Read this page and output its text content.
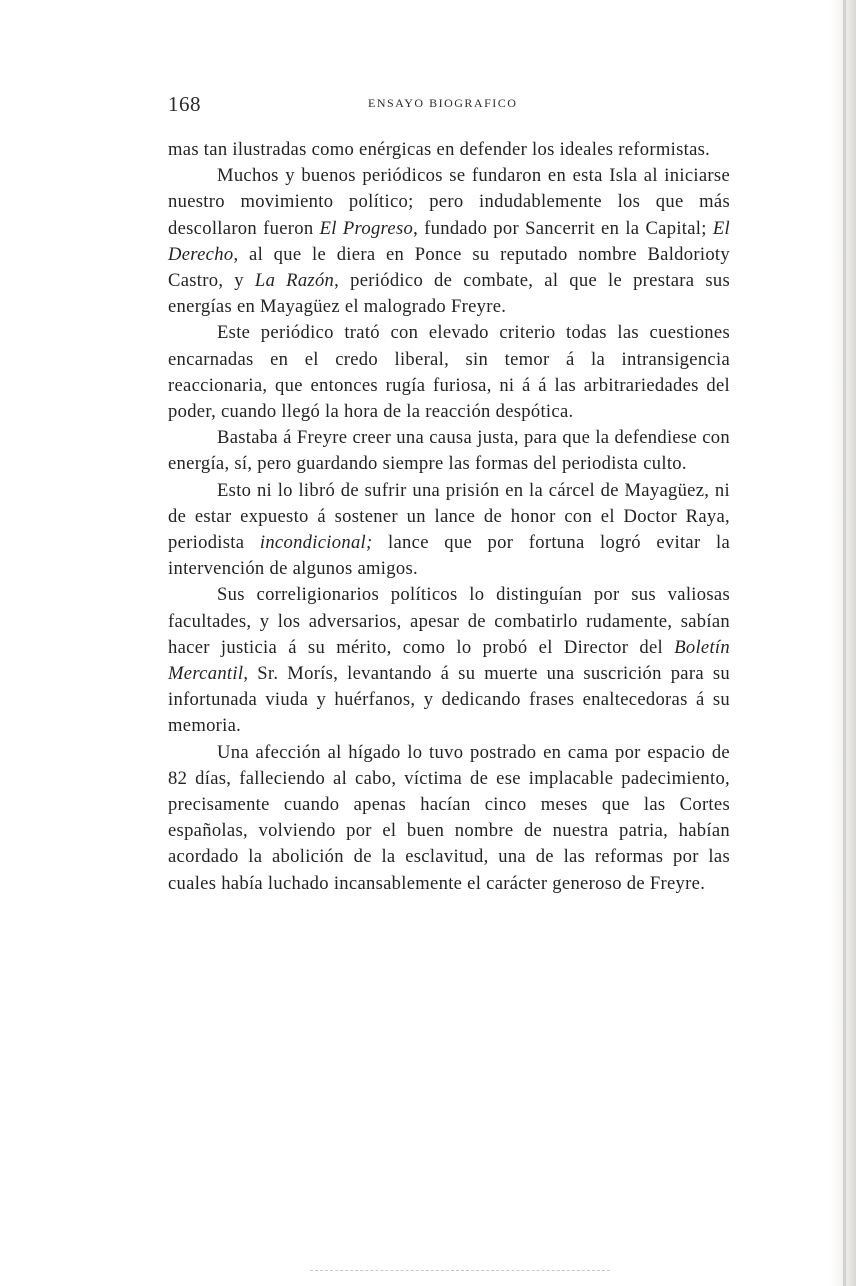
168	ENSAYO BIOGRAFICO

mas tan ilustradas como enérgicas en defender los ideales reformistas.

Muchos y buenos periódicos se fundaron en esta Isla al iniciarse nuestro movimiento político; pero indudablemente los que más descollaron fueron El Progreso, fundado por Sancerrit en la Capital; El Derecho, al que le diera en Ponce su reputado nombre Baldorioty Castro, y La Razón, periódico de combate, al que le prestara sus energías en Mayagüez el malogrado Freyre.

Este periódico trató con elevado criterio todas las cuestiones encarnadas en el credo liberal, sin temor á la intransigencia reaccionaria, que entonces rugía furiosa, ni á á las arbitrariedades del poder, cuando llegó la hora de la reacción despótica.

Bastaba á Freyre creer una causa justa, para que la defendiese con energía, sí, pero guardando siempre las formas del periodista culto.

Esto ni lo libró de sufrir una prisión en la cárcel de Mayagüez, ni de estar expuesto á sostener un lance de honor con el Doctor Raya, periodista incondicional; lance que por fortuna logró evitar la intervención de algunos amigos.

Sus correligionarios políticos lo distinguían por sus valiosas facultades, y los adversarios, apesar de combatirlo rudamente, sabían hacer justicia á su mérito, como lo probó el Director del Boletín Mercantil, Sr. Morís, levantando á su muerte una suscrición para su infortunada viuda y huérfanos, y dedicando frases enaltecedoras á su memoria.

Una afección al hígado lo tuvo postrado en cama por espacio de 82 días, falleciendo al cabo, víctima de ese implacable padecimiento, precisamente cuando apenas hacían cinco meses que las Cortes españolas, volviendo por el buen nombre de nuestra patria, habían acordado la abolición de la esclavitud, una de las reformas por las cuales había luchado incansablemente el carácter generoso de Freyre.
